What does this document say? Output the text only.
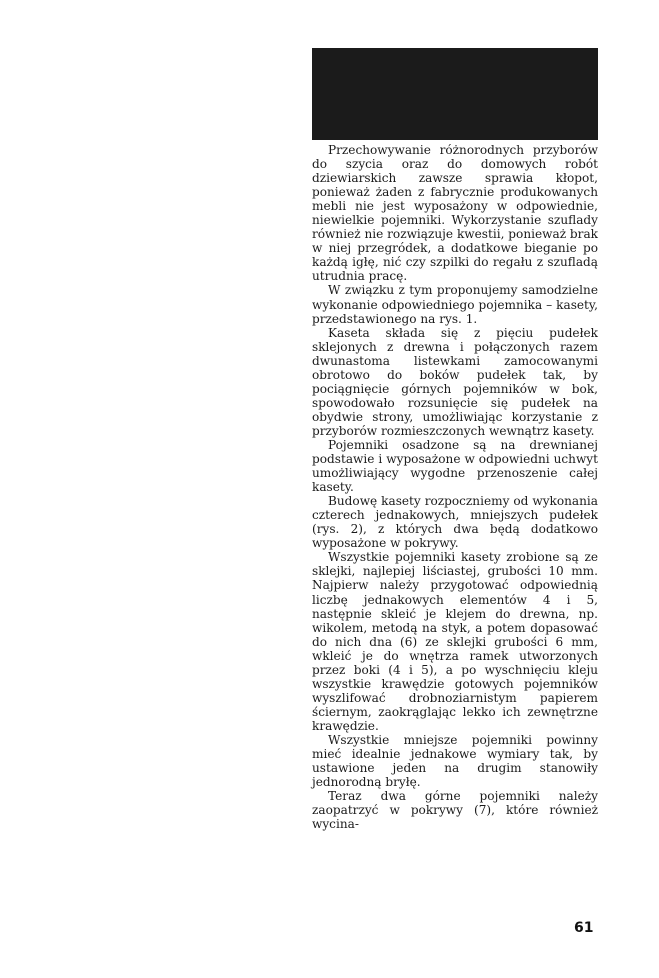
Przechowywanie różnorodnych przyborów do szycia oraz do domowych robót dziewiarskich zawsze sprawia kłopot, ponieważ żaden z fabrycznie produkowanych mebli nie jest wyposażony w odpowiednie, niewielkie pojemniki. Wykorzystanie szuflady również nie rozwiązuje kwestii, ponieważ brak w niej przegródek, a dodatkowe bieganie po każdą igłę, nić czy szpilki do regału z szufladą utrudnia pracę.

W związku z tym proponujemy samodzielne wykonanie odpowiedniego pojemnika – kasety, przedstawionego na rys. 1.

Kaseta składa się z pięciu pudełek sklejonych z drewna i połączonych razem dwunastoma listewkami zamocowanymi obrotowo do boków pudełek tak, by pociągnięcie górnych pojemników w bok, spowodowało rozsunięcie się pudełek na obydwie strony, umożliwiając korzystanie z przyborów rozmieszczonych wewnątrz kasety.

Pojemniki osadzone są na drewnianej podstawie i wyposażone w odpowiedni uchwyt umożliwiający wygodne przenoszenie całej kasety.

Budowę kasety rozpoczniemy od wykonania czterech jednakowych, mniejszych pudełek (rys. 2), z których dwa będą dodatkowo wyposażone w pokrywy.

Wszystkie pojemniki kasety zrobione są ze sklejki, najlepiej liściastej, grubości 10 mm. Najpierw należy przygotować odpowiednią liczbę jednakowych elementów 4 i 5, następnie skleić je klejem do drewna, np. wikolem, metodą na styk, a potem dopasować do nich dna (6) ze sklejki grubości 6 mm, wkleić je do wnętrza ramek utworzonych przez boki (4 i 5), a po wyschnięciu kleju wszystkie krawędzie gotowych pojemników wyszlifować drobnoziarnistym papierem ściernym, zaokrąglając lekko ich zewnętrzne krawędzie.

Wszystkie mniejsze pojemniki powinny mieć idealnie jednakowe wymiary tak, by ustawione jeden na drugim stanowiły jednorodną bryłę.

Teraz dwa górne pojemniki należy zaopatrzyć w pokrywy (7), które również wycina-

61
